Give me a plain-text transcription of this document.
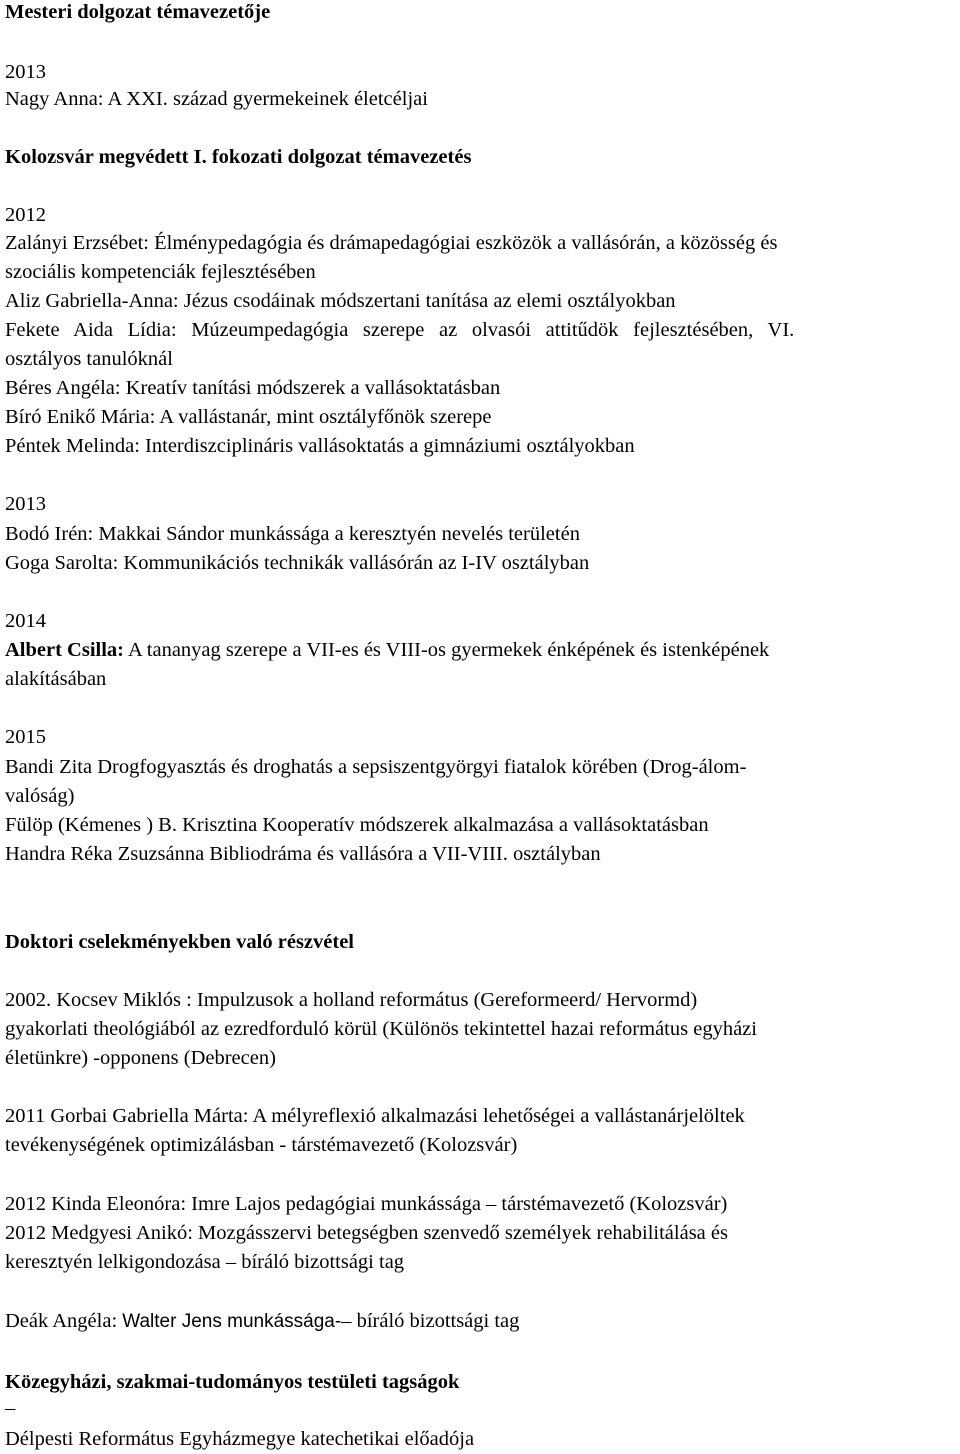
Mesteri dolgozat témavezetője
2013
Nagy Anna: A XXI. század gyermekeinek életcéljai
Kolozsvár megvédett I. fokozati dolgozat témavezetés
2012
Zalányi Erzsébet: Élménypedagógia és drámapedagógiai eszközök a vallásórán, a közösség és
szociális kompetenciák fejlesztésében
Aliz Gabriella-Anna: Jézus csodáinak módszertani tanítása az elemi osztályokban
Fekete Aida Lídia: Múzeumpedagógia szerepe az olvasói attitűdök fejlesztésében, VI.
osztályos tanulóknál
Béres Angéla: Kreatív tanítási módszerek a vallásoktatásban
Bíró Enikő Mária: A vallástanár, mint osztályfőnök szerepe
Péntek Melinda: Interdiszciplináris vallásoktatás a gimnáziumi osztályokban
2013
Bodó Irén: Makkai Sándor munkássága a keresztyén nevelés területén
Goga Sarolta: Kommunikációs technikák vallásórán az I-IV osztályban
2014
Albert Csilla: A tananyag szerepe a VII-es és VIII-os gyermekek énképének és istenképének
alakításában
2015
Bandi Zita Drogfogyasztás és droghatás a sepsiszentgyörgyi fiatalok körében (Drog-álom-
valóság)
Fülöp (Kémenes ) B. Krisztina Kooperatív módszerek alkalmazása a vallásoktatásban
Handra Réka Zsuzsánna Bibliodráma és vallásóra a VII-VIII. osztályban
Doktori cselekményekben való részvétel
2002. Kocsev Miklós : Impulzusok a holland református (Gereformeerd/ Hervormd)
gyakorlati theológiából az ezredforduló körül (Különös tekintettel hazai református egyházi
életünkre) -opponens (Debrecen)
2011 Gorbai Gabriella Márta: A mélyreflexió alkalmazási lehetőségei a vallástanárjelöltek
tevékenységének optimizálásban - társtémavezető (Kolozsvár)
2012 Kinda Eleonóra: Imre Lajos pedagógiai munkássága – társtémavezető (Kolozsvár)
2012 Medgyesi Anikó: Mozgásszervi betegségben szenvedő személyek rehabilitálása és
keresztyén lelkigondozása – bíráló bizottsági tag
Deák Angéla: Walter Jens munkássága-– bíráló bizottsági tag
Közegyházi, szakmai-tudományos testületi tagságok
–
Délpesti Református Egyházmegye katechetikai előadója
